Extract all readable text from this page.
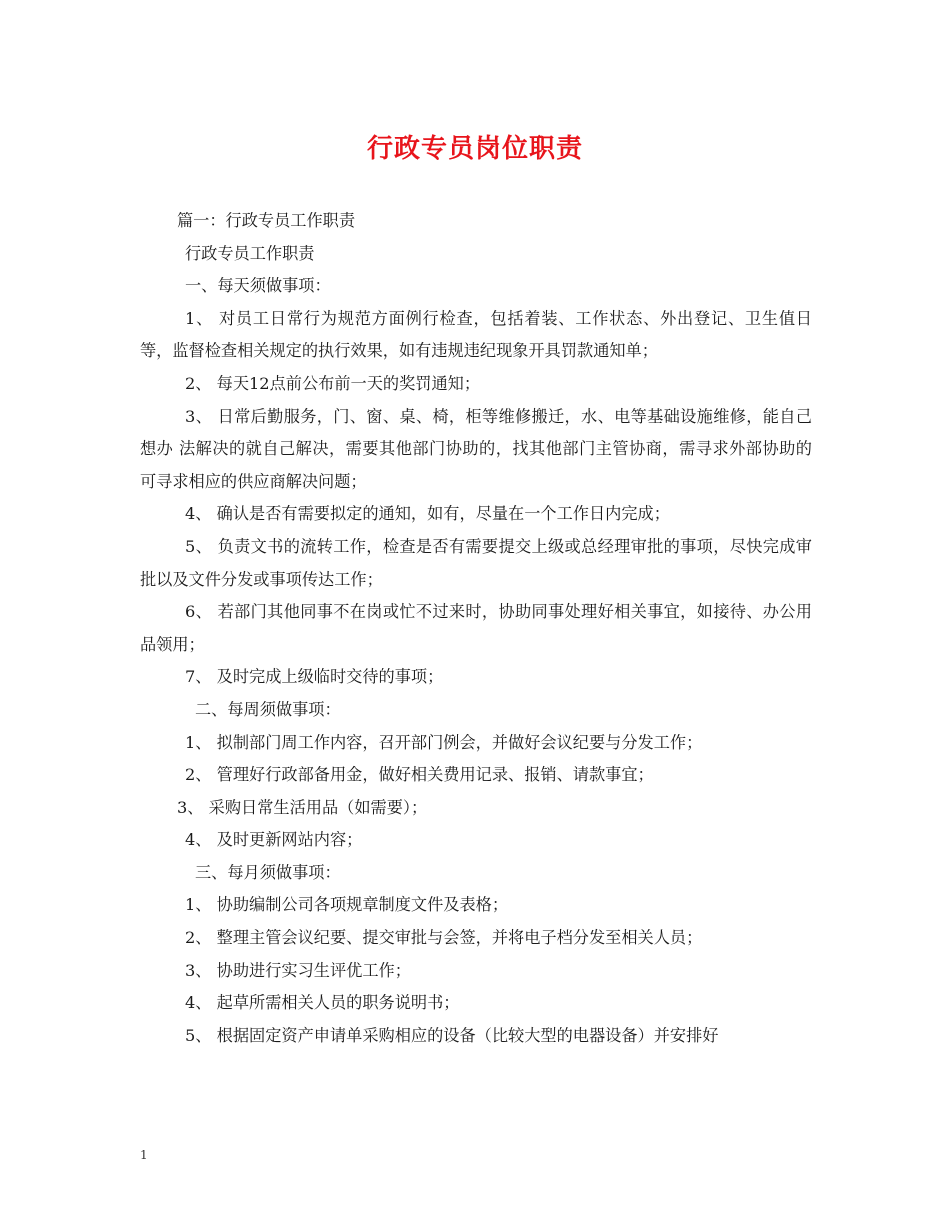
行政专员岗位职责
篇一：行政专员工作职责
行政专员工作职责
一、每天须做事项：
1、 对员工日常行为规范方面例行检查，包括着装、工作状态、外出登记、卫生值日等，监督检查相关规定的执行效果，如有违规违纪现象开具罚款通知单；
2、 每天12点前公布前一天的奖罚通知；
3、 日常后勤服务，门、窗、桌、椅，柜等维修搬迁，水、电等基础设施维修，能自己想办 法解决的就自己解决，需要其他部门协助的，找其他部门主管协商，需寻求外部协助的 可寻求相应的供应商解决问题；
4、 确认是否有需要拟定的通知，如有，尽量在一个工作日内完成；
5、 负责文书的流转工作，检查是否有需要提交上级或总经理审批的事项，尽快完成审批以及文件分发或事项传达工作；
6、 若部门其他同事不在岗或忙不过来时，协助同事处理好相关事宜，如接待、办公用品领用；
7、 及时完成上级临时交待的事项；
二、每周须做事项：
1、 拟制部门周工作内容，召开部门例会，并做好会议纪要与分发工作；
2、 管理好行政部备用金，做好相关费用记录、报销、请款事宜；
3、 采购日常生活用品（如需要）；
4、 及时更新网站内容；
三、每月须做事项：
1、 协助编制公司各项规章制度文件及表格；
2、 整理主管会议纪要、提交审批与会签，并将电子档分发至相关人员；
3、 协助进行实习生评优工作；
4、 起草所需相关人员的职务说明书；
5、 根据固定资产申请单采购相应的设备（比较大型的电器设备）并安排好
1
